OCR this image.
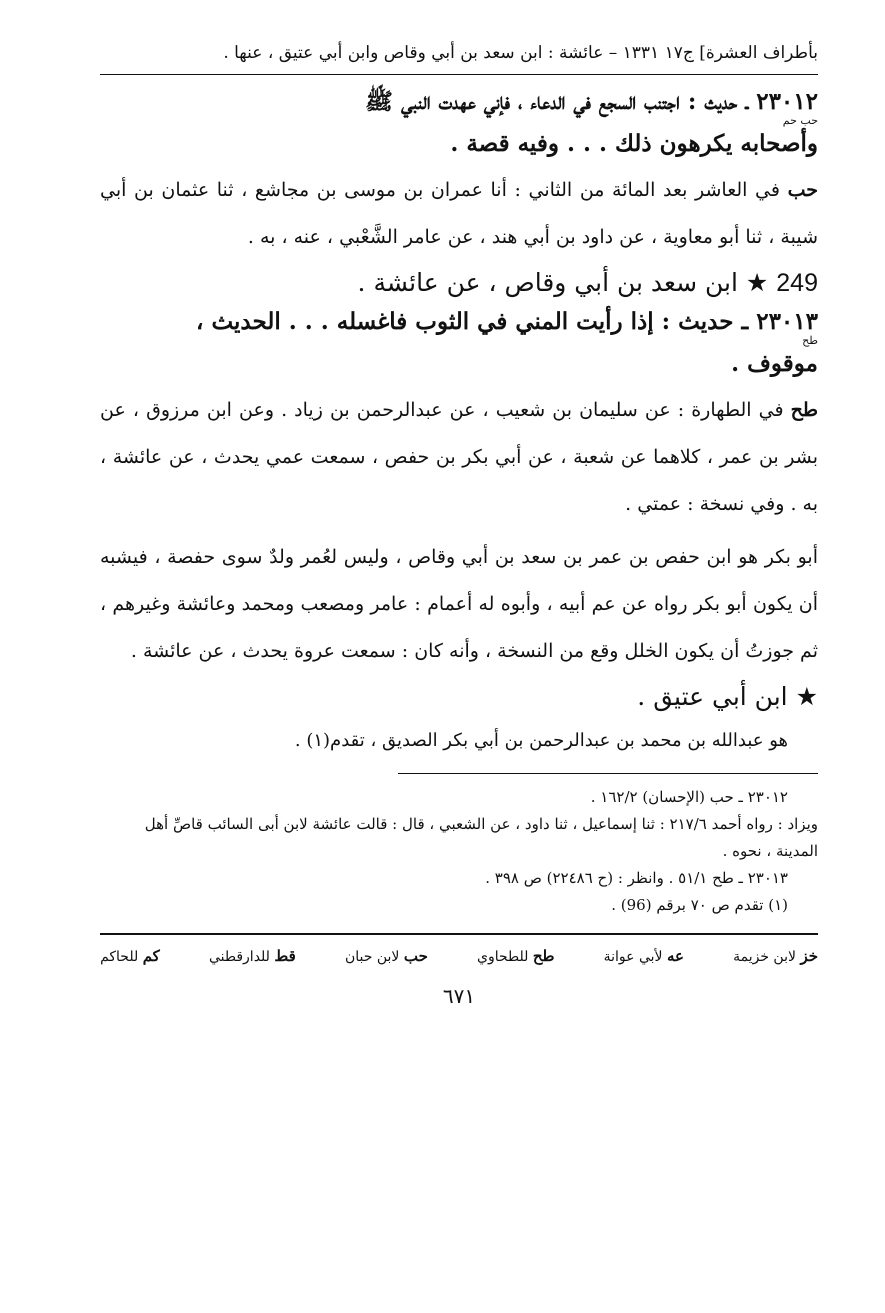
بأطراف العشرة] ج١٧ ١٣٣١ – عائشة : ابن سعد بن أبي وقاص وابن أبي عتيق ، عنها .

٢٣٠١٢ ـ حديث : اجتنب السجع في الدعاء ، فإني عهدت النبي ﷺ

حب حم

وأصحابه يكرهون ذلك . . . وفيه قصة .

حب في العاشر بعد المائة من الثاني : أنا عمران بن موسى بن مجاشع ، ثنا عثمان بن أبي شيبة ، ثنا أبو معاوية ، عن داود بن أبي هند ، عن عامر الشَّعْبي ، عنه ، به .

249 ★ ابن سعد بن أبي وقاص ، عن عائشة .

٢٣٠١٣ ـ حديث : إذا رأيت المني في الثوب فاغسله . . . الحديث ،

طح

موقوف .

طح في الطهارة : عن سليمان بن شعيب ، عن عبدالرحمن بن زياد . وعن ابن مرزوق ، عن بشر بن عمر ، كلاهما عن شعبة ، عن أبي بكر بن حفص ، سمعت عمي يحدث ، عن عائشة ، به . وفي نسخة : عمتي .

أبو بكر هو ابن حفص بن عمر بن سعد بن أبي وقاص ، وليس لعُمر ولدٌ سوى حفصة ، فيشبه أن يكون أبو بكر رواه عن عم أبيه ، وأبوه له أعمام : عامر ومصعب ومحمد وعائشة وغيرهم ، ثم جوزتُ أن يكون الخلل وقع من النسخة ، وأنه كان : سمعت عروة يحدث ، عن عائشة .

★ ابن أبي عتيق .

هو عبدالله بن محمد بن عبدالرحمن بن أبي بكر الصديق ، تقدم(١) .

٢٣٠١٢ ـ حب (الإحسان) ١٦٢/٢ .

ويزاد : رواه أحمد ٢١٧/٦ : ثنا إسماعيل ، ثنا داود ، عن الشعبي ، قال : قالت عائشة لابن أبى السائب قاصِّ أهل المدينة ، نحوه .

٢٣٠١٣ ـ طح ٥١/١ . وانظر : (ح ٢٢٤٨٦) ص ٣٩٨ .

(١) تقدم ص ٧٠ برقم (96) .

خز لابن خزيمة
عه لأبي عوانة
طح للطحاوي
حب لابن حبان
قط للدارقطني
كم للحاكم
٦٧١
